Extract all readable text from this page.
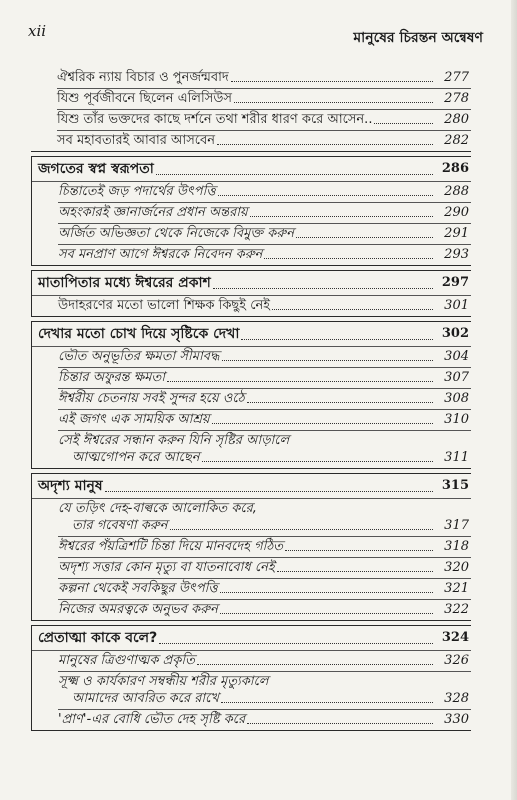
xii	মানুষের চিরন্তন অন্বেষণ
ঐশ্বরিক ন্যায় বিচার ও পুনর্জন্মবাদ	277
যিশু পূর্বজীবনে ছিলেন এলিসিউস	278
যিশু তাঁর ভক্তদের কাছে দর্শনে তথা শরীর ধারণ করে আসেন..	280
সব মহাবতারই আবার আসবেন	282
জগতের স্বপ্ন স্বরূপতা	286
চিন্তাতেই জড় পদার্থের উৎপত্তি	288
অহংকারই জ্ঞানার্জনের প্রধান অন্তরায়	290
অর্জিত অভিজ্ঞতা থেকে নিজেকে বিমুক্ত করুন	291
সব মনপ্রাণ আগে ঈশ্বরকে নিবেদন করুন	293
মাতাপিতার মধ্যে ঈশ্বরের প্রকাশ	297
উদাহরণের মতো ভালো শিক্ষক কিছুই নেই	301
দেখার মতো চোখ দিয়ে সৃষ্টিকে দেখা	302
ভৌত অনুভূতির ক্ষমতা সীমাবদ্ধ	304
চিন্তার অফুরন্ত ক্ষমতা	307
ঈশ্বরীয় চেতনায় সবই সুন্দর হয়ে ওঠে	308
এই জগৎ এক সাময়িক আশ্রয়	310
সেই ঈশ্বরের সন্ধান করুন যিনি সৃষ্টির আড়ালে
আত্মগোপন করে আছেন	311
অদৃশ্য মানুষ	315
যে তড়িৎ দেহ-বাল্বকে আলোকিত করে,
তার গবেষণা করুন	317
ঈশ্বরের পঁয়ত্রিশটি চিন্তা দিয়ে মানবদেহ গঠিত	318
অদৃশ্য সত্তার কোন মৃত্যু বা যাতনাবোধ নেই	320
কল্পনা থেকেই সবকিছুর উৎপত্তি	321
নিজের অমরত্বকে অনুভব করুন	322
প্রেতাত্মা কাকে বলে?	324
মানুষের ত্রিগুণাত্মক প্রকৃতি	326
সূক্ষ্ম ও কার্যকারণ সম্বন্ধীয় শরীর মৃত্যুকালে
আমাদের আবরিত করে রাখে	328
'প্রাণ'-এর বোধি ভৌত দেহ সৃষ্টি করে	330
